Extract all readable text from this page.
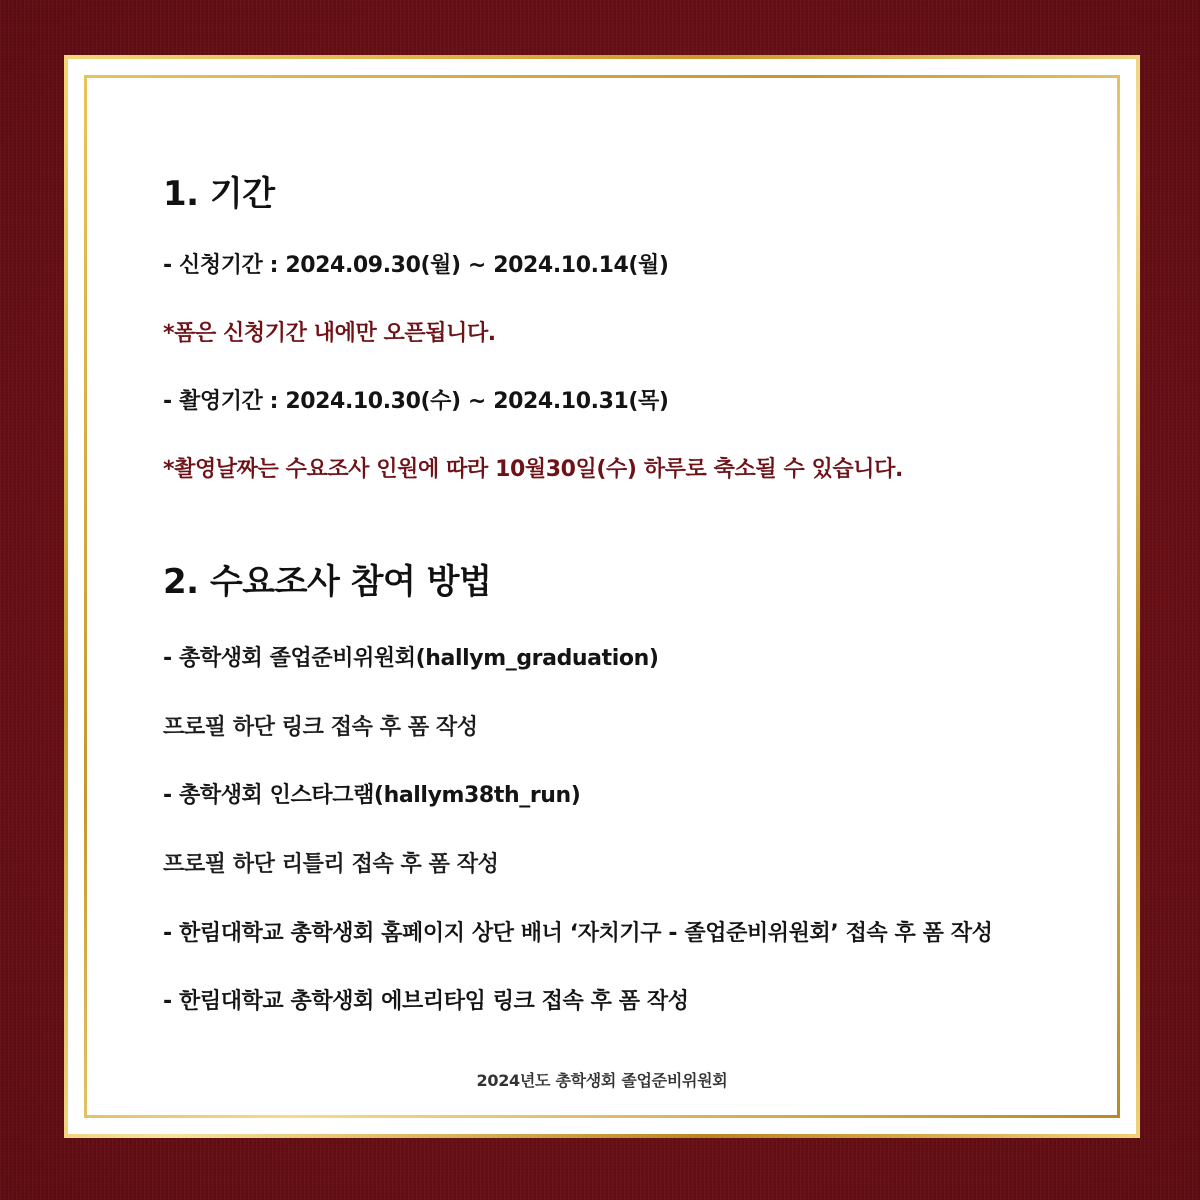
1. 기간

- 신청기간 : 2024.09.30(월) ~ 2024.10.14(월)

*폼은 신청기간 내에만 오픈됩니다.

- 촬영기간 : 2024.10.30(수) ~ 2024.10.31(목)

*촬영날짜는 수요조사 인원에 따라 10월30일(수) 하루로 축소될 수 있습니다.

2. 수요조사 참여 방법

- 총학생회 졸업준비위원회(hallym_graduation)

프로필 하단 링크 접속 후 폼 작성

- 총학생회 인스타그램(hallym38th_run)

프로필 하단 리틀리 접속 후 폼 작성

- 한림대학교 총학생회 홈페이지 상단 배너 ‘자치기구 - 졸업준비위원회’ 접속 후 폼 작성

- 한림대학교 총학생회 에브리타임 링크 접속 후 폼 작성

2024년도 총학생회 졸업준비위원회
